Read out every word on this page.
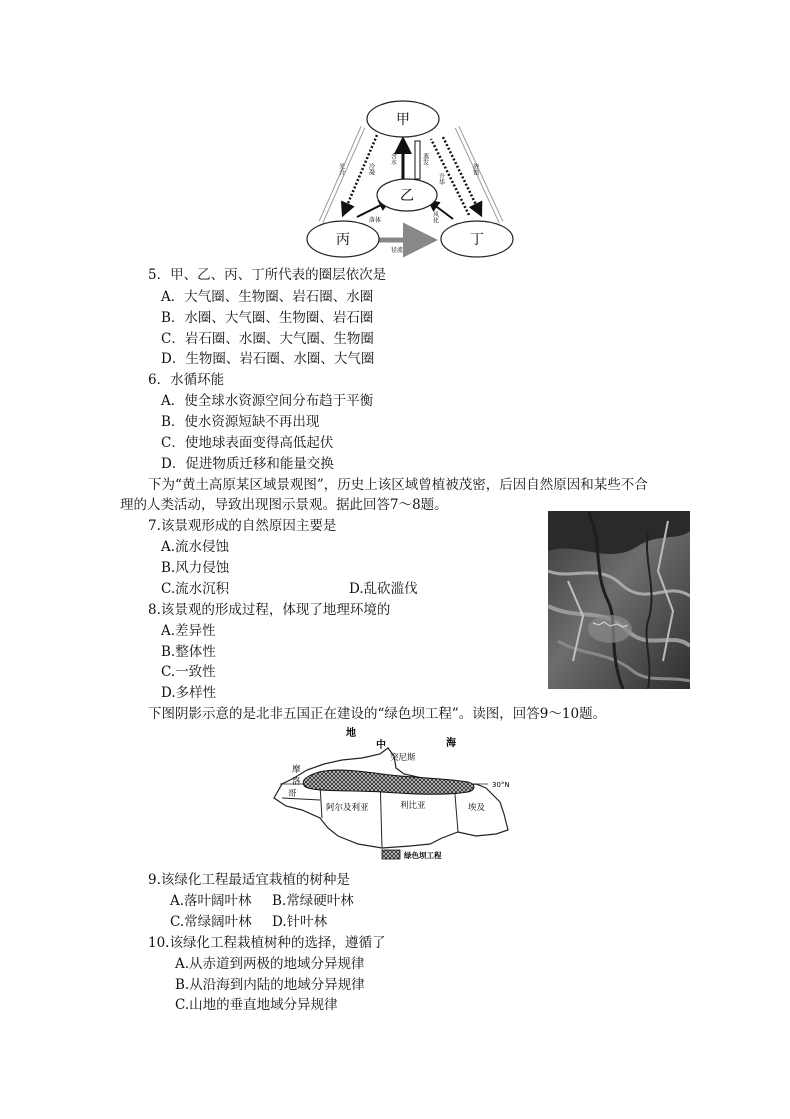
甲
乙
丙	丁
含水	蒸发
冷凝
升华
光合	溶蚀
落体	风化
径流
5．甲、乙、丙、丁所代表的圈层依次是
A．大气圈、生物圈、岩石圈、水圈
B．水圈、大气圈、生物圈、岩石圈
C．岩石圈、水圈、大气圈、生物圈
D．生物圈、岩石圈、水圈、大气圈
6．水循环能
A．使全球水资源空间分布趋于平衡
B．使水资源短缺不再出现
C．使地球表面变得高低起伏
D．促进物质迁移和能量交换
下为“黄土高原某区域景观图”，历史上该区域曾植被茂密，后因自然原因和某些不合
理的人类活动，导致出现图示景观。据此回答7～8题。
7.该景观形成的自然原因主要是
A.流水侵蚀
B.风力侵蚀
C.流水沉积	D.乱砍滥伐
8.该景观的形成过程，体现了地理环境的
A.差异性
B.整体性
C.一致性
D.多样性
下图阴影示意的是北非五国正在建设的“绿色坝工程”。读图，回答9～10题。
地
中	海
突尼斯
摩
洛
哥
阿尔及利亚	利比亚	埃及
30°N
绿色坝工程
9.该绿化工程最适宜栽植的树种是
A.落叶阔叶林 B.常绿硬叶林
C.常绿阔叶林 D.针叶林
10.该绿化工程栽植树种的选择，遵循了
A.从赤道到两极的地域分异规律
B.从沿海到内陆的地域分异规律
C.山地的垂直地域分异规律
